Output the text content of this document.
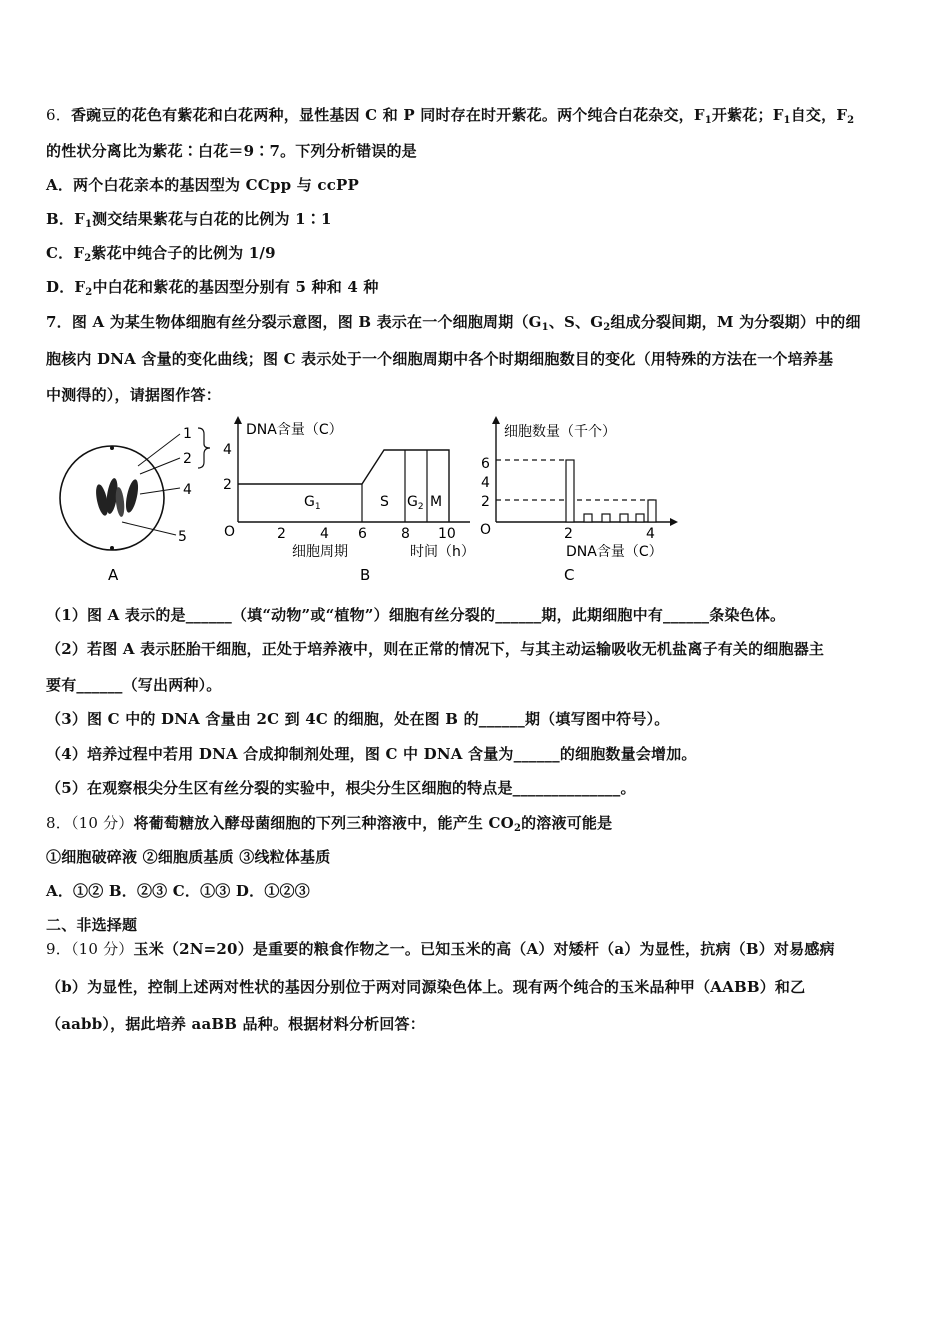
6．香豌豆的花色有紫花和白花两种，显性基因 C 和 P 同时存在时开紫花。两个纯合白花杂交，$F_1$开紫花；$F_1$自交，$F_2$
的性状分离比为紫花∶白花＝9∶7。下列分析错误的是
A．两个白花亲本的基因型为 CCpp 与 ccPP
B．$F_1$测交结果紫花与白花的比例为 1∶1
C．$F_2$紫花中纯合子的比例为 1/9
D．$F_2$中白花和紫花的基因型分别有 5 种和 4 种
7．图 A 为某生物体细胞有丝分裂示意图，图 B 表示在一个细胞周期（$G_1$、S、$G_2$组成分裂间期，M 为分裂期）中的细
胞核内 DNA 含量的变化曲线；图 C 表示处于一个细胞周期中各个时期细胞数目的变化（用特殊的方法在一个培养基
中测得的），请据图作答：
1
2
4
5
A
DNA含量（C）
4
2
$G_1$	S $G_2$ M
O	2 4 6 8 10
细胞周期	时间（h）
B
细胞数量（千个）
6
4
2
O	2	4
DNA含量（C）
C
（1）图 A 表示的是______（填“动物”或“植物”）细胞有丝分裂的______期，此期细胞中有______条染色体。
（2）若图 A 表示胚胎干细胞，正处于培养液中，则在正常的情况下，与其主动运输吸收无机盐离子有关的细胞器主
要有______（写出两种）。
（3）图 C 中的 DNA 含量由 2C 到 4C 的细胞，处在图 B 的______期（填写图中符号）。
（4）培养过程中若用 DNA 合成抑制剂处理，图 C 中 DNA 含量为______的细胞数量会增加。
（5）在观察根尖分生区有丝分裂的实验中，根尖分生区细胞的特点是______________。
8．（10 分）将葡萄糖放入酵母菌细胞的下列三种溶液中，能产生 $CO_2$的溶液可能是
①细胞破碎液 ②细胞质基质 ③线粒体基质
A．①② B．②③ C．①③ D．①②③
二、非选择题
9．（10 分）玉米（2N=20）是重要的粮食作物之一。已知玉米的高（A）对矮杆（a）为显性，抗病（B）对易感病
（b）为显性，控制上述两对性状的基因分别位于两对同源染色体上。现有两个纯合的玉米品种甲（AABB）和乙
（aabb），据此培养 aaBB 品种。根据材料分析回答：
